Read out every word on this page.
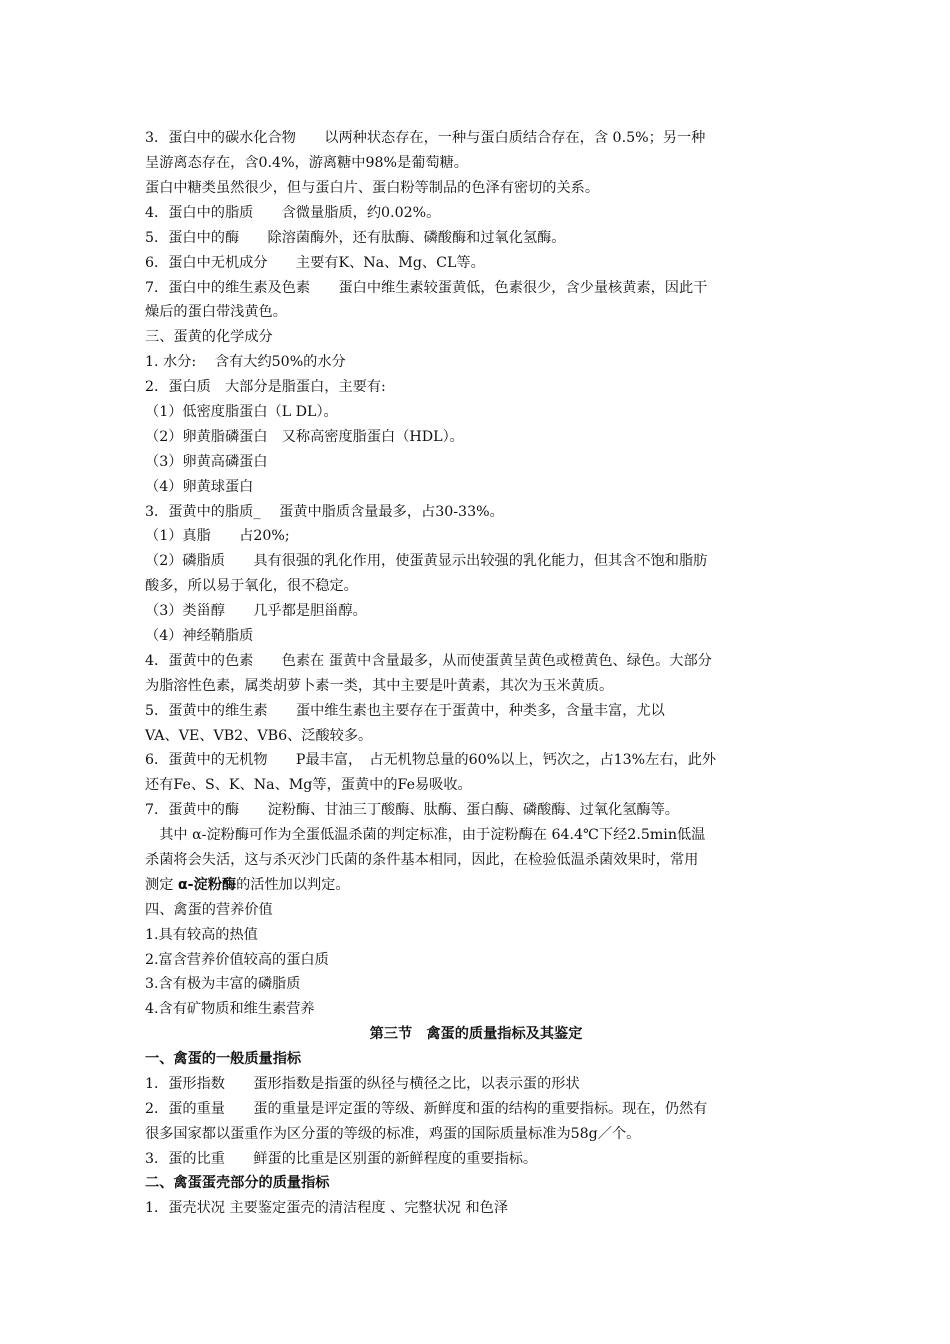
3．蛋白中的碳水化合物　　以两种状态存在，一种与蛋白质结合存在，含 0.5%；另一种
呈游离态存在，含0.4%，游离糖中98%是葡萄糖。
蛋白中糖类虽然很少，但与蛋白片、蛋白粉等制品的色泽有密切的关系。
4．蛋白中的脂质　　含微量脂质，约0.02%。
5．蛋白中的酶　　除溶菌酶外，还有肽酶、磷酸酶和过氧化氢酶。
6．蛋白中无机成分　　主要有K、Na、Mg、CL等。
7．蛋白中的维生素及色素　　蛋白中维生素较蛋黄低，色素很少，含少量核黄素，因此干
燥后的蛋白带浅黄色。
三、蛋黄的化学成分
1. 水分:　 含有大约50%的水分
2．蛋白质　大部分是脂蛋白，主要有:
（1）低密度脂蛋白（L DL）。
（2）卵黄脂磷蛋白　又称高密度脂蛋白（HDL）。
（3）卵黄高磷蛋白
（4）卵黄球蛋白
3．蛋黄中的脂质_　 蛋黄中脂质含量最多，占30-33%。
（1）真脂　　占20%;
（2）磷脂质　　具有很强的乳化作用，使蛋黄显示出较强的乳化能力，但其含不饱和脂肪
酸多，所以易于氧化，很不稳定。
（3）类甾醇　　几乎都是胆甾醇。
（4）神经鞘脂质
4．蛋黄中的色素　　色素在 蛋黄中含量最多，从而使蛋黄呈黄色或橙黄色、绿色。大部分
为脂溶性色素，属类胡萝卜素一类，其中主要是叶黄素，其次为玉米黄质。
5．蛋黄中的维生素　　蛋中维生素也主要存在于蛋黄中，种类多，含量丰富，尤以
VA、VE、VB2、VB6、泛酸较多。
6．蛋黄中的无机物　　P最丰富，　占无机物总量的60%以上，钙次之，占13%左右，此外
还有Fe、S、K、Na、Mg等，蛋黄中的Fe易吸收。
7．蛋黄中的酶　　淀粉酶、甘油三丁酸酶、肽酶、蛋白酶、磷酸酶、过氧化氢酶等。
　其中 α-淀粉酶可作为全蛋低温杀菌的判定标准，由于淀粉酶在 64.4℃下经2.5min低温
杀菌将会失活，这与杀灭沙门氏菌的条件基本相同，因此，在检验低温杀菌效果时，常用
测定 α-淀粉酶的活性加以判定。
四、禽蛋的营养价值
1.具有较高的热值
2.富含营养价值较高的蛋白质
3.含有极为丰富的磷脂质
4.含有矿物质和维生素营养
第三节　禽蛋的质量指标及其鉴定
一、禽蛋的一般质量指标
1．蛋形指数　　蛋形指数是指蛋的纵径与横径之比，以表示蛋的形状
2．蛋的重量　　蛋的重量是评定蛋的等级、新鲜度和蛋的结构的重要指标。现在，仍然有
很多国家都以蛋重作为区分蛋的等级的标准，鸡蛋的国际质量标准为58g／个。
3．蛋的比重　　鲜蛋的比重是区别蛋的新鲜程度的重要指标。
二、禽蛋蛋壳部分的质量指标
1．蛋壳状况 主要鉴定蛋壳的清洁程度 、完整状况 和色泽
